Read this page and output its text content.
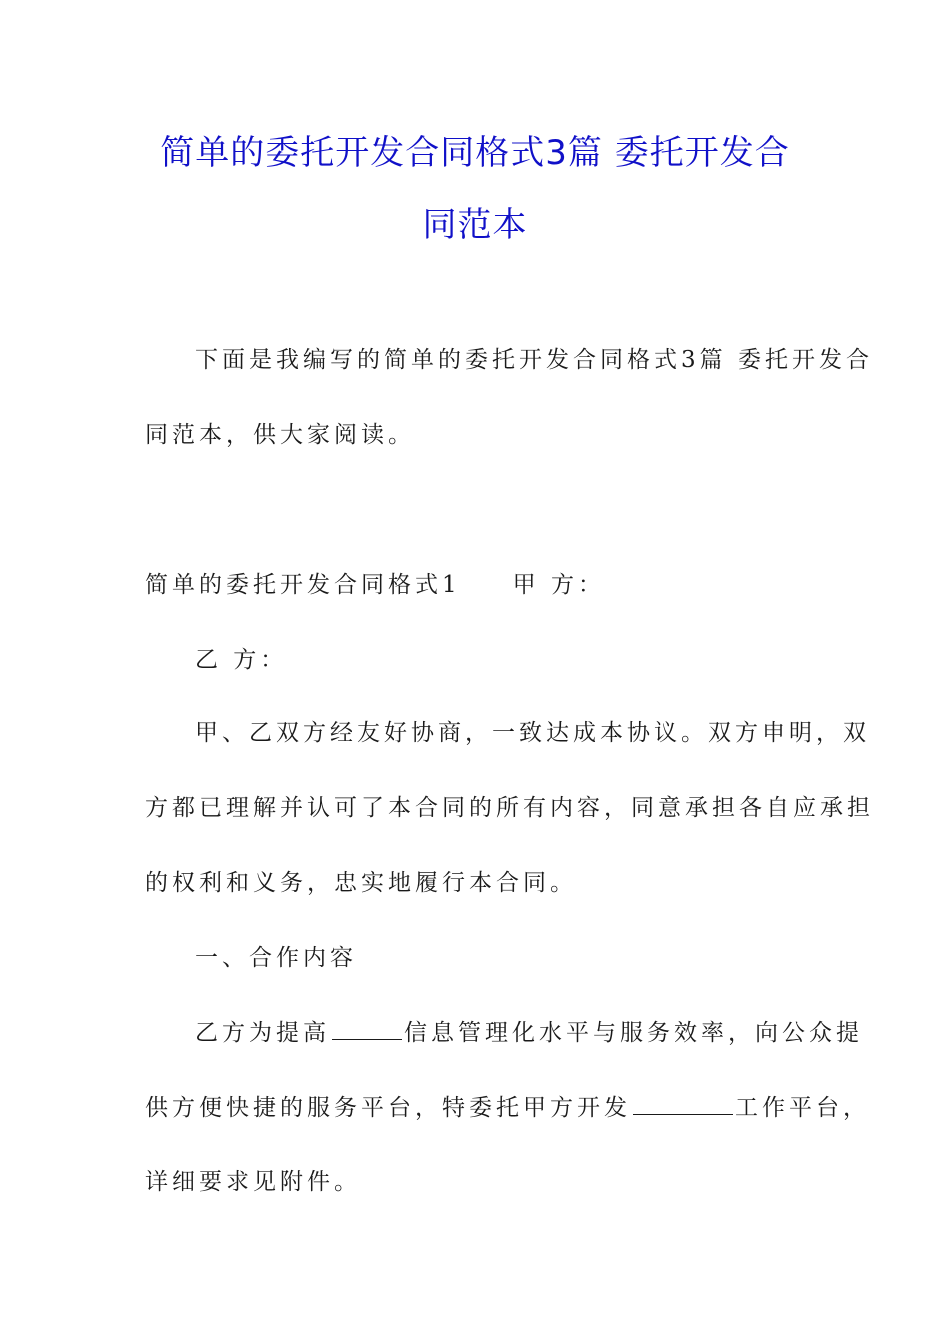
简单的委托开发合同格式3篇 委托开发合
同范本

下面是我编写的简单的委托开发合同格式3篇 委托开发合

同范本，供大家阅读。

简单的委托开发合同格式1 甲 方：

乙 方：

甲、乙双方经友好协商，一致达成本协议。双方申明，双

方都已理解并认可了本合同的所有内容，同意承担各自应承担

的权利和义务，忠实地履行本合同。

一、合作内容

乙方为提高	信息管理化水平与服务效率，向公众提

供方便快捷的服务平台，特委托甲方开发	工作平台，

详细要求见附件。
